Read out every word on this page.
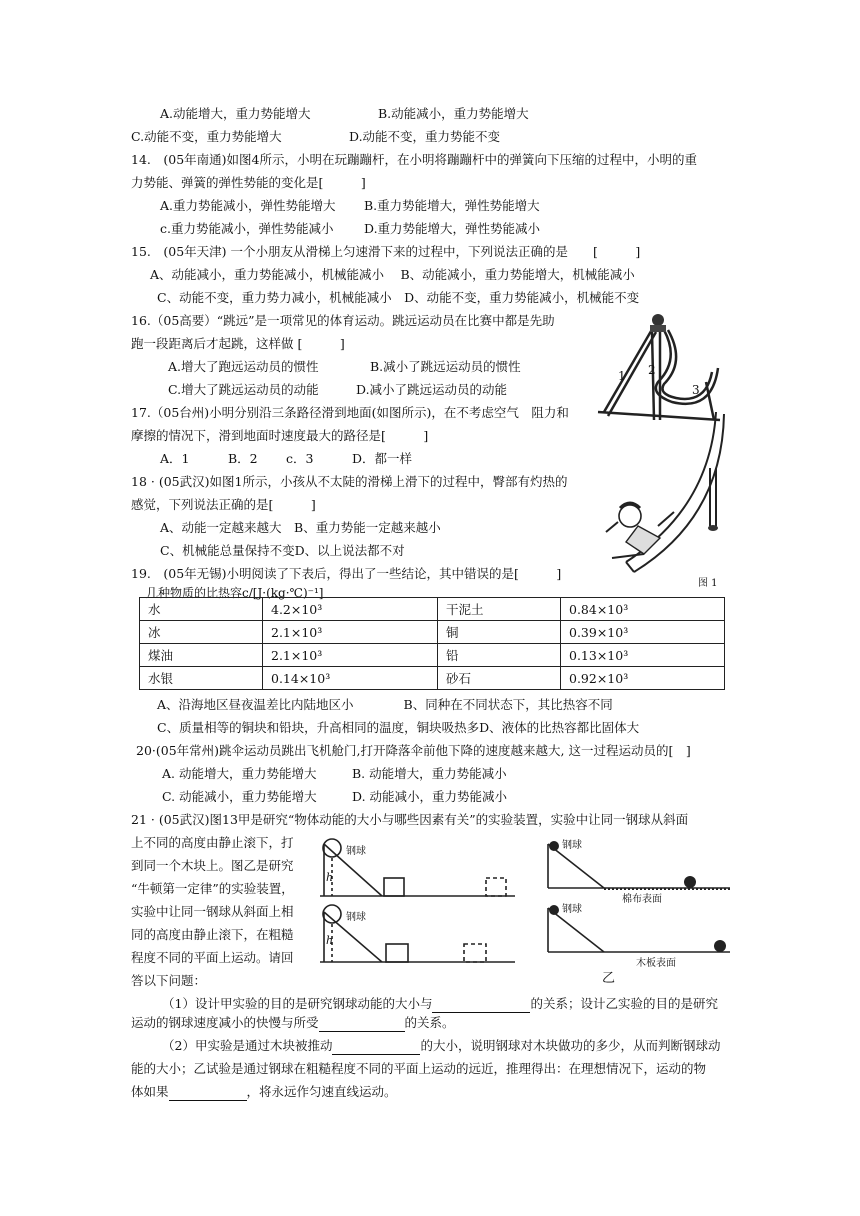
A.动能增大，重力势能增大	B.动能减小，重力势能增大
C.动能不变，重力势能增大	D.动能不变，重力势能不变
14.　(05年南通)如图4所示，小明在玩蹦蹦杆，在小明将蹦蹦杆中的弹簧向下压缩的过程中，小明的重
力势能、弹簧的弹性势能的变化是[　　　]
A.重力势能减小，弹性势能增大 B.重力势能增大，弹性势能增大
c.重力势能减小，弹性势能减小 D.重力势能增大，弹性势能减小
15.　(05年天津) 一个小朋友从滑梯上匀速滑下来的过程中，下列说法正确的是　　[　　　]
A、动能减小，重力势能减小，机械能减小　 B、动能减小，重力势能增大，机械能减小
C、动能不变，重力势力减小，机械能减小　D、动能不变，重力势能减小，机械能不变
16.（05高要）“跳远”是一项常见的体育运动。跳远运动员在比赛中都是先助
跑一段距离后才起跳，这样做 [　　　]
A.增大了跑远运动员的惯性	B.减小了跳远运动员的惯性
C.增大了跳远运动员的动能	D.减小了跳远运动员的动能
17.（05台州)小明分别沿三条路径滑到地面(如图所示)，在不考虑空气　阻力和
摩擦的情况下，滑到地面时速度最大的路径是[　　　]
A．1	B．2 c．3	D．都一样
18 · (05武汉)如图1所示，小孩从不太陡的滑梯上滑下的过程中，臀部有灼热的
感觉，下列说法正确的是[　　　]
A、动能一定越来越大　B、重力势能一定越来越小
C、机械能总量保持不变D、以上说法都不对
19.　(05年无锡)小明阅读了下表后，得出了一些结论，其中错误的是[　　　]
几种物质的比热容c/[J·(kg·℃)⁻¹]
水	4.2×10³	干泥土	0.84×10³
冰	2.1×10³	铜	0.39×10³
煤油	2.1×10³	铅	0.13×10³
水银	0.14×10³	砂石	0.92×10³
A、沿海地区昼夜温差比内陆地区小　　　　B、同种在不同状态下，其比热容不同
C、质量相等的铜块和铅块，升高相同的温度，铜块吸热多D、液体的比热容都比固体大
20·(05年常州)跳伞运动员跳出飞机舱门,打开降落伞前他下降的速度越来越大, 这一过程运动员的[　]
A. 动能增大，重力势能增大	B. 动能增大，重力势能减小
C. 动能减小，重力势能增大	D. 动能减小，重力势能减小
21 · (05武汉)图13甲是研究“物体动能的大小与哪些因素有关”的实验装置，实验中让同一钢球从斜面
上不同的高度由静止滚下，打
到同一个木块上。图乙是研究
“牛顿第一定律”的实验装置，
实验中让同一钢球从斜面上相
同的高度由静止滚下，在粗糙
程度不同的平面上运动。请回
答以下问题：
（1）设计甲实验的目的是研究钢球动能的大小与	的关系；设计乙实验的目的是研究
运动的钢球速度减小的快慢与所受	的关系。
（2）甲实验是通过木块被推动	的大小，说明钢球对木块做功的多少，从而判断钢球动
能的大小；乙试验是通过钢球在粗糙程度不同的平面上运动的远近，推理得出：在理想情况下，运动的物
体如果	，将永远作匀速直线运动。
1 2
3
图 1
钢球
钢球
h
h
钢球
钢球
棉布表面
木板表面
乙
